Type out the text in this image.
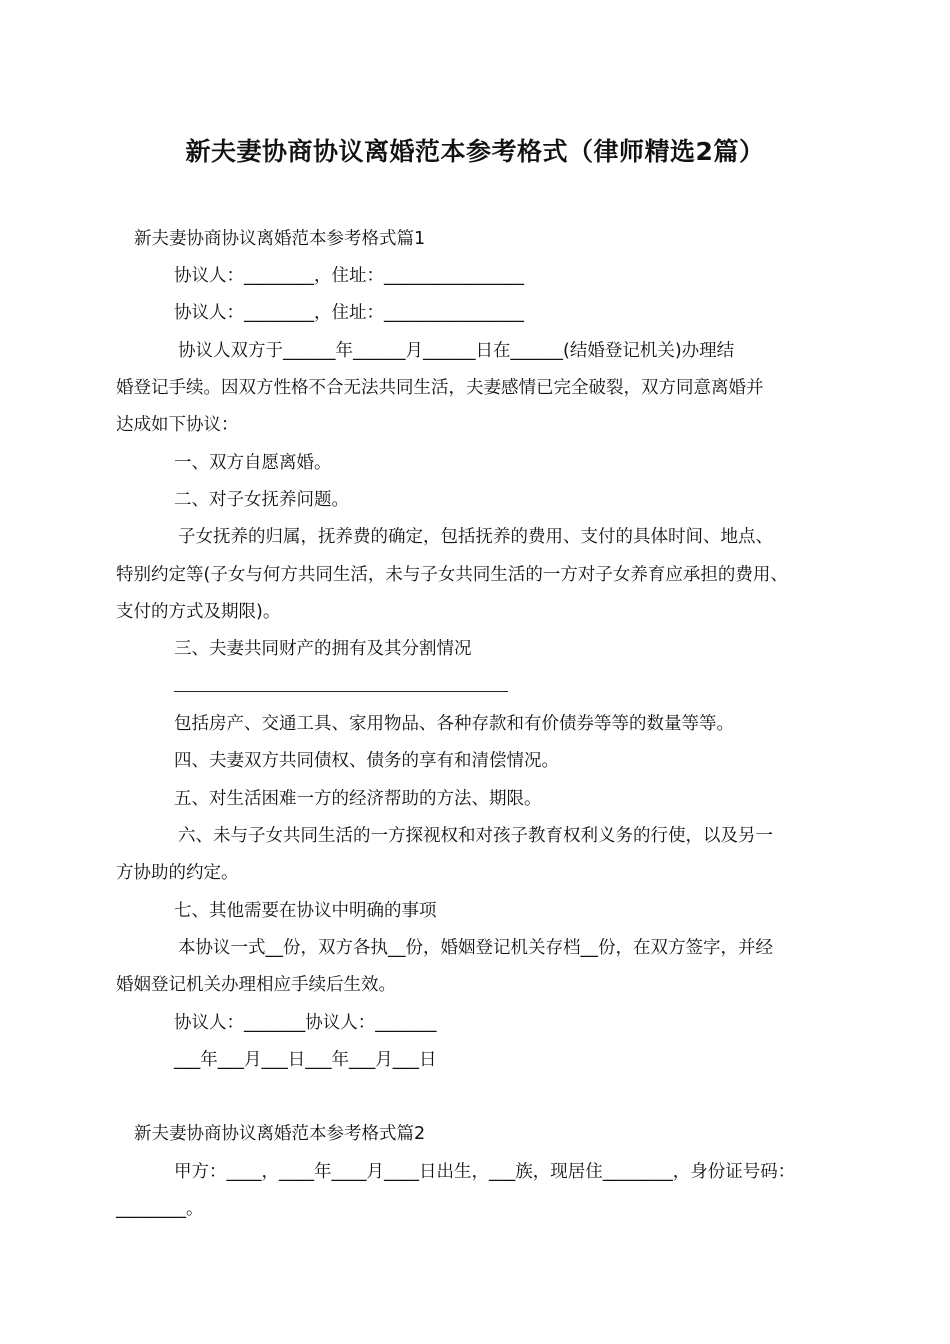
新夫妻协商协议离婚范本参考格式（律师精选2篇）
新夫妻协商协议离婚范本参考格式篇1
协议人：________，住址：________________
协议人：________，住址：________________
协议人双方于______年______月______日在______(结婚登记机关)办理结
婚登记手续。因双方性格不合无法共同生活，夫妻感情已完全破裂，双方同意离婚并
达成如下协议：
一、双方自愿离婚。
二、对子女抚养问题。
子女抚养的归属，抚养费的确定，包括抚养的费用、支付的具体时间、地点、
特别约定等(子女与何方共同生活，未与子女共同生活的一方对子女养育应承担的费用、
支付的方式及期限)。
三、夫妻共同财产的拥有及其分割情况
包括房产、交通工具、家用物品、各种存款和有价债券等等的数量等等。
四、夫妻双方共同债权、债务的享有和清偿情况。
五、对生活困难一方的经济帮助的方法、期限。
六、未与子女共同生活的一方探视权和对孩子教育权利义务的行使，以及另一
方协助的约定。
七、其他需要在协议中明确的事项
本协议一式__份，双方各执__份，婚姻登记机关存档__份，在双方签字，并经
婚姻登记机关办理相应手续后生效。
协议人：_______协议人：_______
___年___月___日___年___月___日
新夫妻协商协议离婚范本参考格式篇2
甲方：____，____年____月____日出生，___族，现居住________，身份证号码：
________。
